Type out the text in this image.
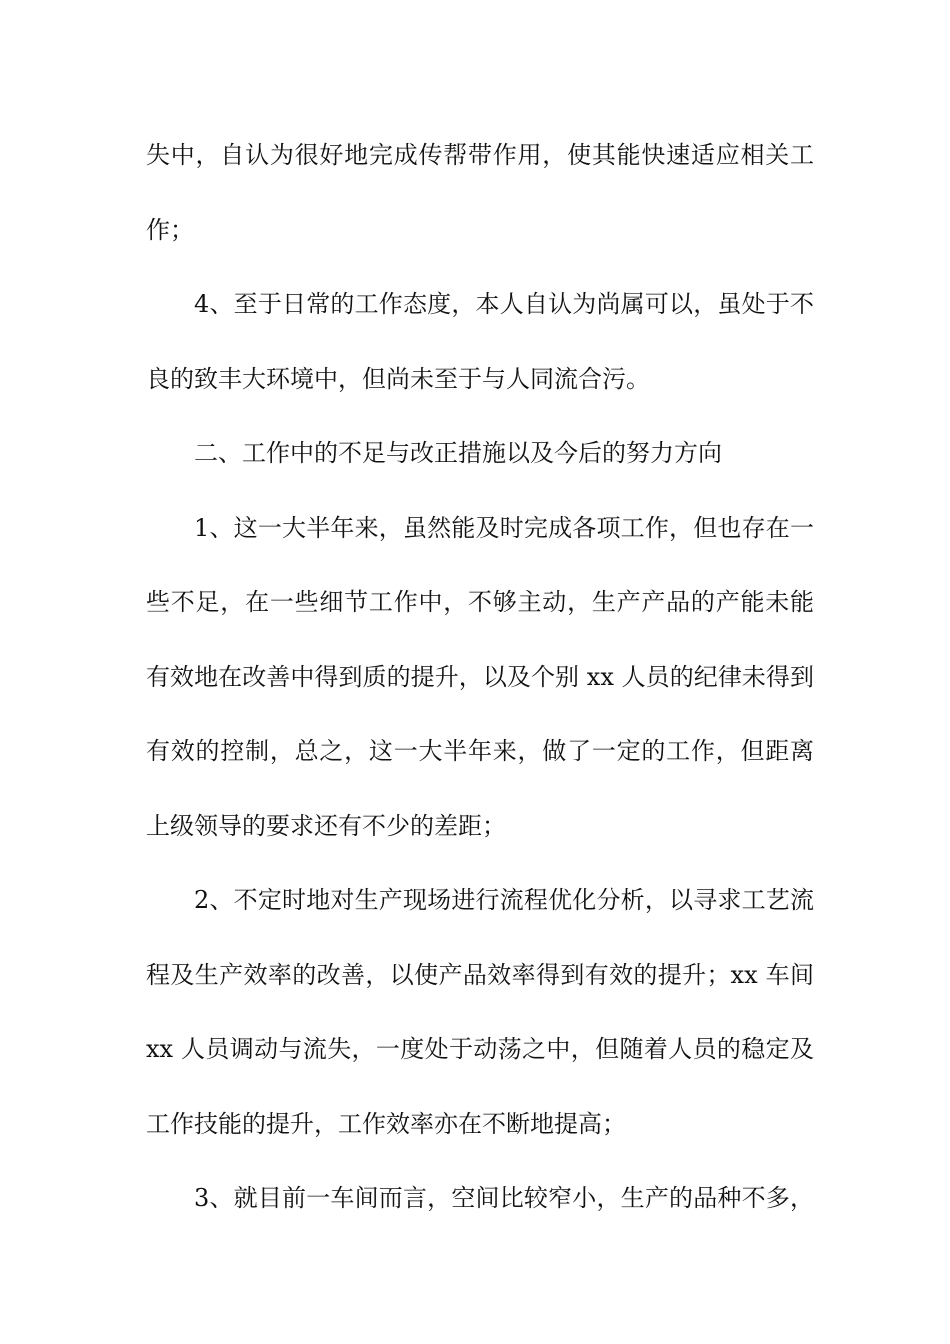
失中，自认为很好地完成传帮带作用，使其能快速适应相关工
作；
4、至于日常的工作态度，本人自认为尚属可以，虽处于不
良的致丰大环境中，但尚未至于与人同流合污。
二、工作中的不足与改正措施以及今后的努力方向
1、这一大半年来，虽然能及时完成各项工作，但也存在一
些不足，在一些细节工作中，不够主动，生产产品的产能未能
有效地在改善中得到质的提升，以及个别 xx 人员的纪律未得到
有效的控制，总之，这一大半年来，做了一定的工作，但距离
上级领导的要求还有不少的差距；
2、不定时地对生产现场进行流程优化分析，以寻求工艺流
程及生产效率的改善，以使产品效率得到有效的提升；xx 车间
xx 人员调动与流失，一度处于动荡之中，但随着人员的稳定及
工作技能的提升，工作效率亦在不断地提高；
3、就目前一车间而言，空间比较窄小，生产的品种不多，
